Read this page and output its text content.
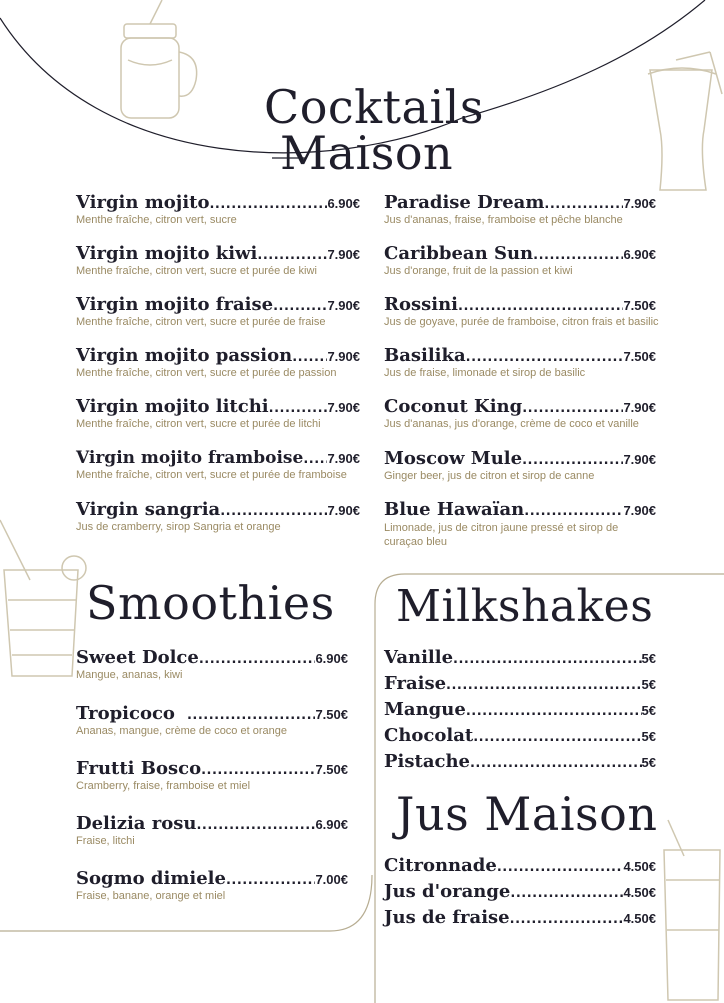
Cocktails
Maison
Smoothies Milkshakes
Jus Maison
Virgin mojito .....	6.90€
Menthe fraîche, citron vert, sucre
Virgin mojito kiwi .....	7.90€
Menthe fraîche, citron vert, sucre et purée de kiwi
Virgin mojito fraise .....	7.90€
Menthe fraîche, citron vert, sucre et purée de fraise
Virgin mojito passion .....	7.90€
Menthe fraîche, citron vert, sucre et purée de passion
Virgin mojito litchi .....	7.90€
Menthe fraîche, citron vert, sucre et purée de litchi
Virgin mojito framboise ..... 7.90€
Menthe fraîche, citron vert, sucre et purée de framboise
Virgin sangria .....	7.90€
Jus de cramberry, sirop Sangria et orange
Paradise Dream .....	7.90€
Jus d'ananas, fraise, framboise et pêche blanche
Caribbean Sun .....	6.90€
Jus d'orange, fruit de la passion et kiwi
Rossini .....	7.50€
Jus de goyave, purée de framboise, citron frais et basilic
Basilika .....	7.50€
Jus de fraise, limonade et sirop de basilic
Coconut King .....	7.90€
Jus d'ananas, jus d'orange, crème de coco et vanille
Moscow Mule .....	7.90€
Ginger beer, jus de citron et sirop de canne
Blue Hawaïan .....	7.90€
Limonade, jus de citron jaune pressé et sirop de curaçao bleu
Sweet Dolce .....	6.90€
Mangue, ananas, kiwi
Tropicoco .....	7.50€
Ananas, mangue, crème de coco et orange
Frutti Bosco .....	7.50€
Cramberry, fraise, framboise et miel
Delizia rosu .....	6.90€
Fraise, litchi
Sogmo dimiele .....	7.00€
Fraise, banane, orange et miel
Vanille .....	5€
Fraise .....	5€
Mangue .....	5€
Chocolat .....	5€
Pistache .....	5€
Citronnade .....	4.50€
Jus d'orange .....	4.50€
Jus de fraise .....	4.50€
